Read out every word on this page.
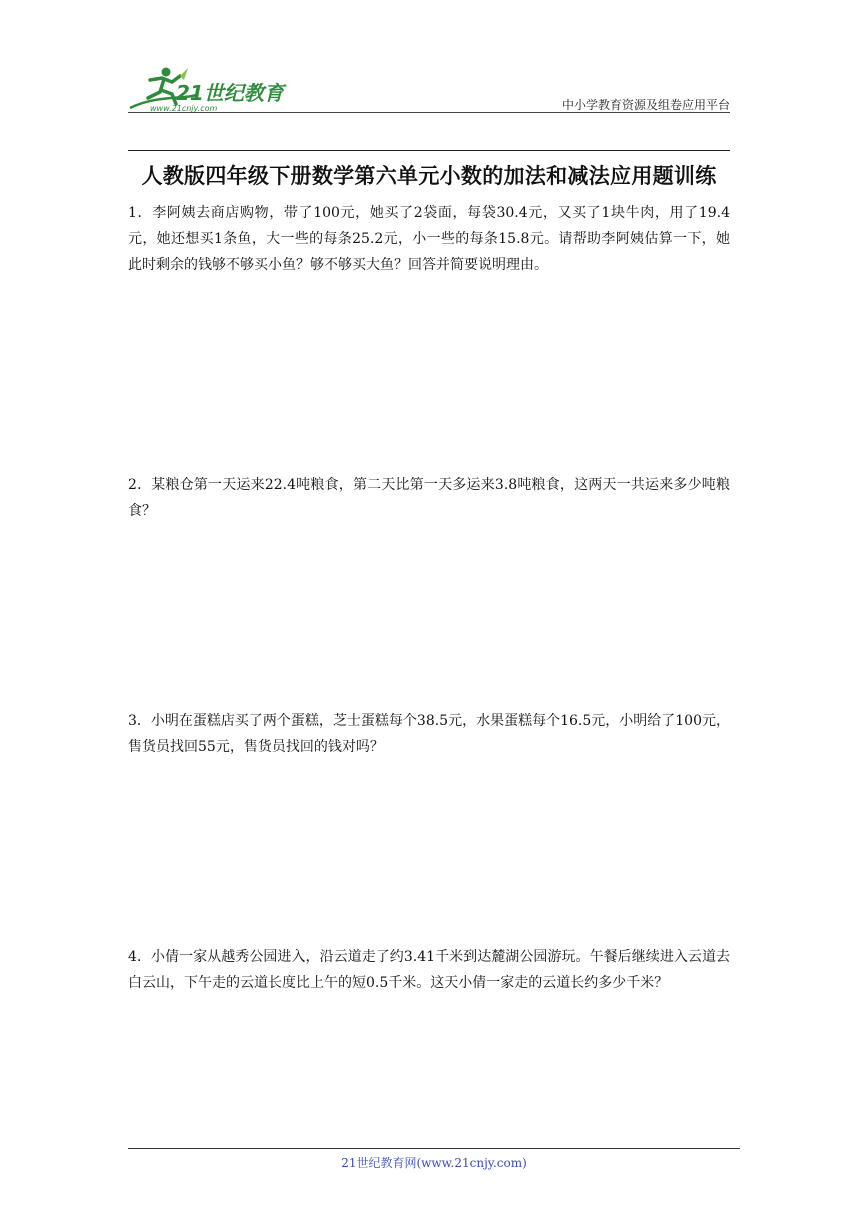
21世纪教育
www.21cnjy.com	中小学教育资源及组卷应用平台
人教版四年级下册数学第六单元小数的加法和减法应用题训练
1．李阿姨去商店购物，带了100元，她买了2袋面，每袋30.4元，又买了1块牛肉，用了19.4元，她还想买1条鱼，大一些的每条25.2元，小一些的每条15.8元。请帮助李阿姨估算一下，她此时剩余的钱够不够买小鱼？够不够买大鱼？回答并简要说明理由。
2．某粮仓第一天运来22.4吨粮食，第二天比第一天多运来3.8吨粮食，这两天一共运来多少吨粮食？
3．小明在蛋糕店买了两个蛋糕，芝士蛋糕每个38.5元，水果蛋糕每个16.5元，小明给了100元，售货员找回55元，售货员找回的钱对吗？
4．小倩一家从越秀公园进入，沿云道走了约3.41千米到达麓湖公园游玩。午餐后继续进入云道去白云山，下午走的云道长度比上午的短0.5千米。这天小倩一家走的云道长约多少千米？
21世纪教育网(www.21cnjy.com)
